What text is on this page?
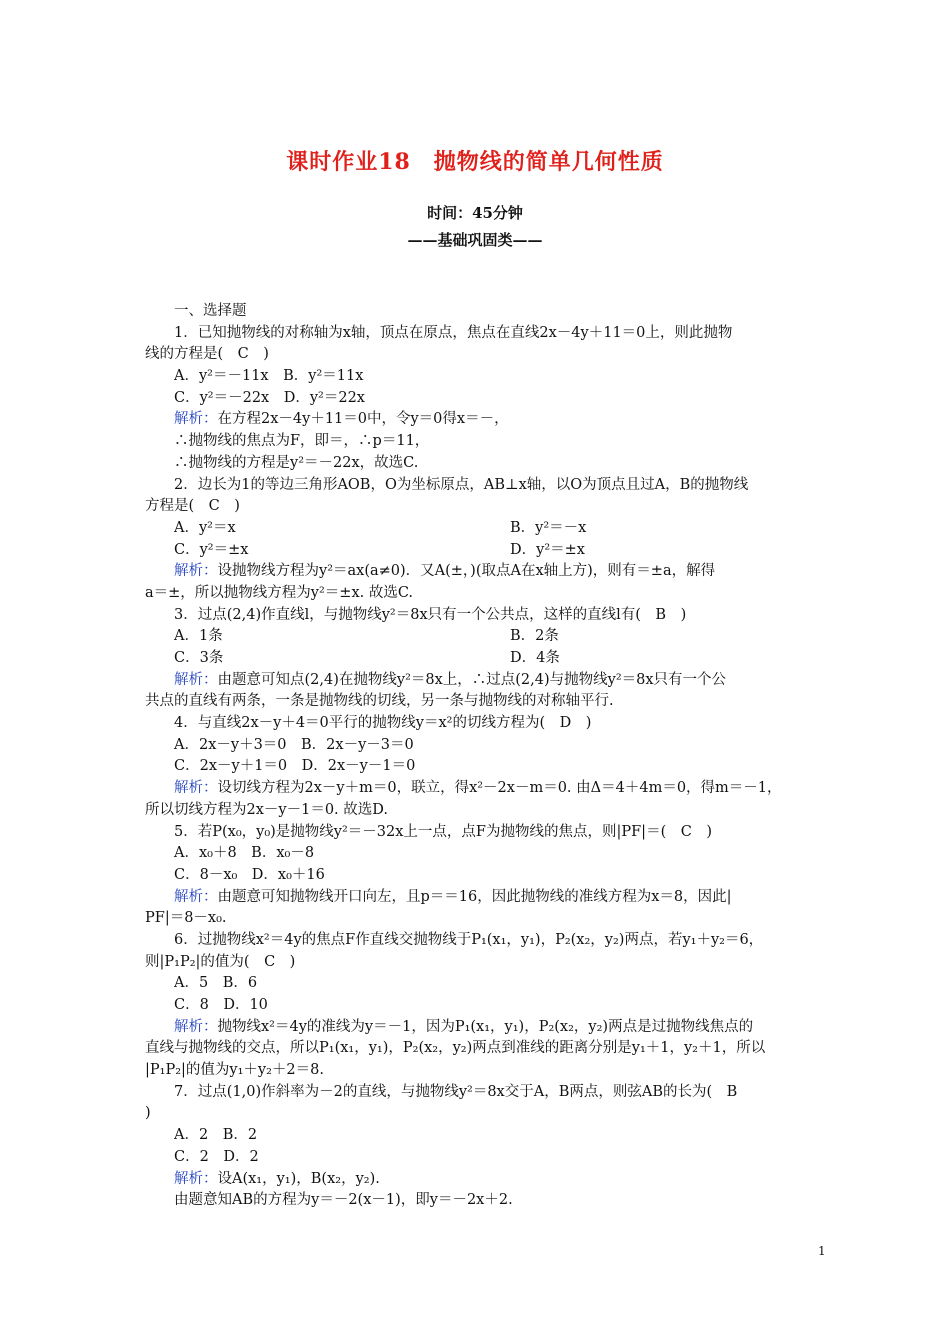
课时作业18　抛物线的简单几何性质
时间：45分钟
——基础巩固类——
一、选择题
1．已知抛物线的对称轴为x轴，顶点在原点，焦点在直线2x－4y＋11＝0上，则此抛物
线的方程是(　C　)
A．y²＝－11x　B．y²＝11x
C．y²＝－22x　D．y²＝22x
解析：在方程2x－4y＋11＝0中，令y＝0得x＝－，
∴抛物线的焦点为F，即＝，∴p＝11，
∴抛物线的方程是y²＝－22x，故选C.
2．边长为1的等边三角形AOB，O为坐标原点，AB⊥x轴，以O为顶点且过A，B的抛物线
方程是(　C　)
A．y²＝x	B．y²＝－x
C．y²＝±x	D．y²＝±x
解析：设抛物线方程为y²＝ax(a≠0)．又A(±，)(取点A在x轴上方)，则有＝±a，解得
a＝±，所以抛物线方程为y²＝±x. 故选C.
3．过点(2,4)作直线l，与抛物线y²＝8x只有一个公共点，这样的直线l有(　B　)
A．1条	B．2条
C．3条	D．4条
解析：由题意可知点(2,4)在抛物线y²＝8x上，∴过点(2,4)与抛物线y²＝8x只有一个公
共点的直线有两条，一条是抛物线的切线，另一条与抛物线的对称轴平行.
4．与直线2x－y＋4＝0平行的抛物线y＝x²的切线方程为(　D　)
A．2x－y＋3＝0　B．2x－y－3＝0
C．2x－y＋1＝0　D．2x－y－1＝0
解析：设切线方程为2x－y＋m＝0，联立，得x²－2x－m＝0. 由Δ＝4＋4m＝0，得m＝－1，
所以切线方程为2x－y－1＝0. 故选D.
5．若P(x₀，y₀)是抛物线y²＝－32x上一点，点F为抛物线的焦点，则|PF|＝(　C　)
A．x₀＋8　B．x₀－8
C．8－x₀　D．x₀＋16
解析：由题意可知抛物线开口向左，且p＝＝16，因此抛物线的准线方程为x＝8，因此|
PF|＝8－x₀.
6．过抛物线x²＝4y的焦点F作直线交抛物线于P₁(x₁，y₁)，P₂(x₂，y₂)两点，若y₁＋y₂＝6，
则|P₁P₂|的值为(　C　)
A．5　B．6
C．8　D．10
解析：抛物线x²＝4y的准线为y＝－1，因为P₁(x₁，y₁)，P₂(x₂，y₂)两点是过抛物线焦点的
直线与抛物线的交点，所以P₁(x₁，y₁)，P₂(x₂，y₂)两点到准线的距离分别是y₁＋1，y₂＋1，所以
|P₁P₂|的值为y₁＋y₂＋2＝8.
7．过点(1,0)作斜率为－2的直线，与抛物线y²＝8x交于A，B两点，则弦AB的长为(　B
)
A．2　B．2
C．2　D．2
解析：设A(x₁，y₁)，B(x₂，y₂).
由题意知AB的方程为y＝－2(x－1)，即y＝－2x＋2.
1
